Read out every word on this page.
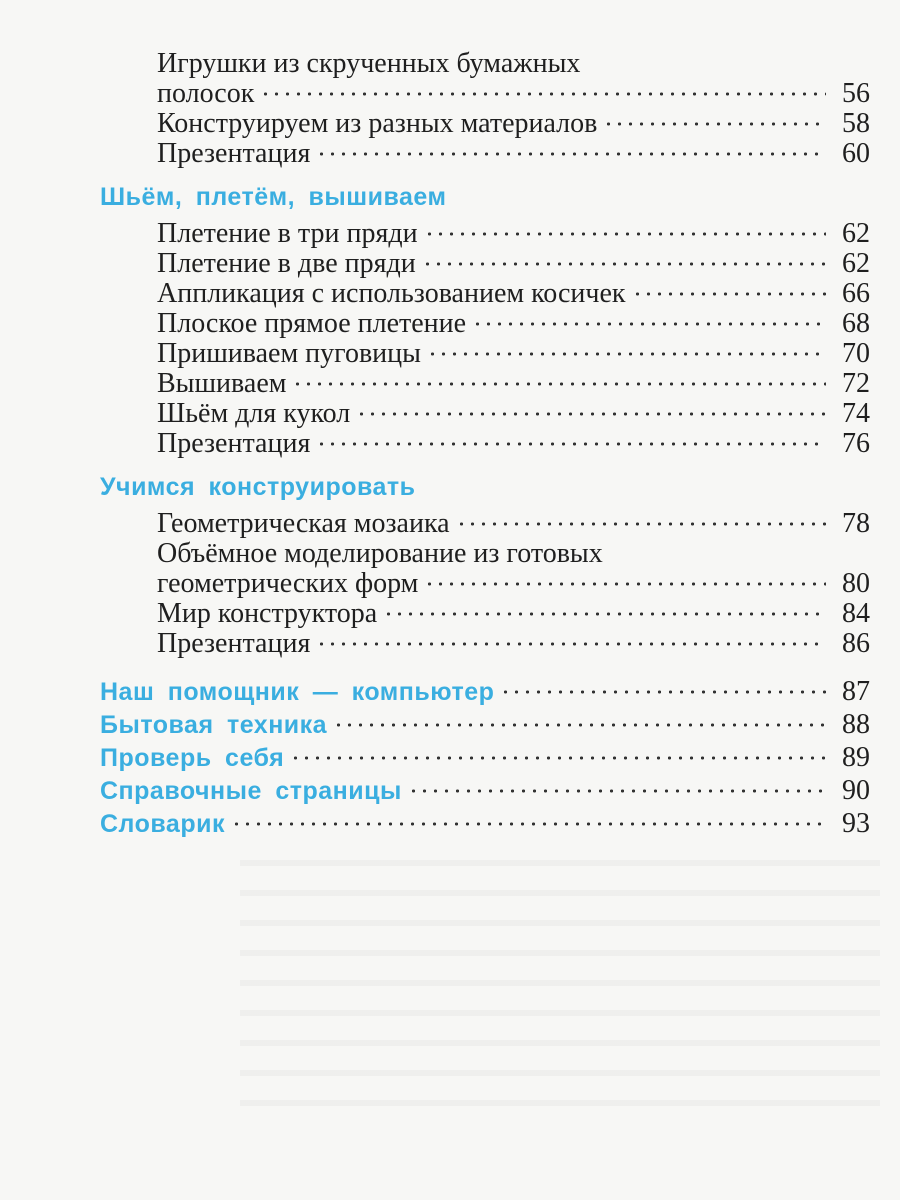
Игрушки из скрученных бумажных
полосок	56
Конструируем из разных материалов	58
Презентация	60
Шьём, плетём, вышиваем
Плетение в три пряди	62
Плетение в две пряди	62
Аппликация с использованием косичек	66
Плоское прямое плетение	68
Пришиваем пуговицы	70
Вышиваем	72
Шьём для кукол	74
Презентация	76
Учимся конструировать
Геометрическая мозаика	78
Объёмное моделирование из готовых
геометрических форм	80
Мир конструктора	84
Презентация	86
Наш помощник — компьютер	87
Бытовая техника	88
Проверь себя	89
Справочные страницы	90
Словарик	93
